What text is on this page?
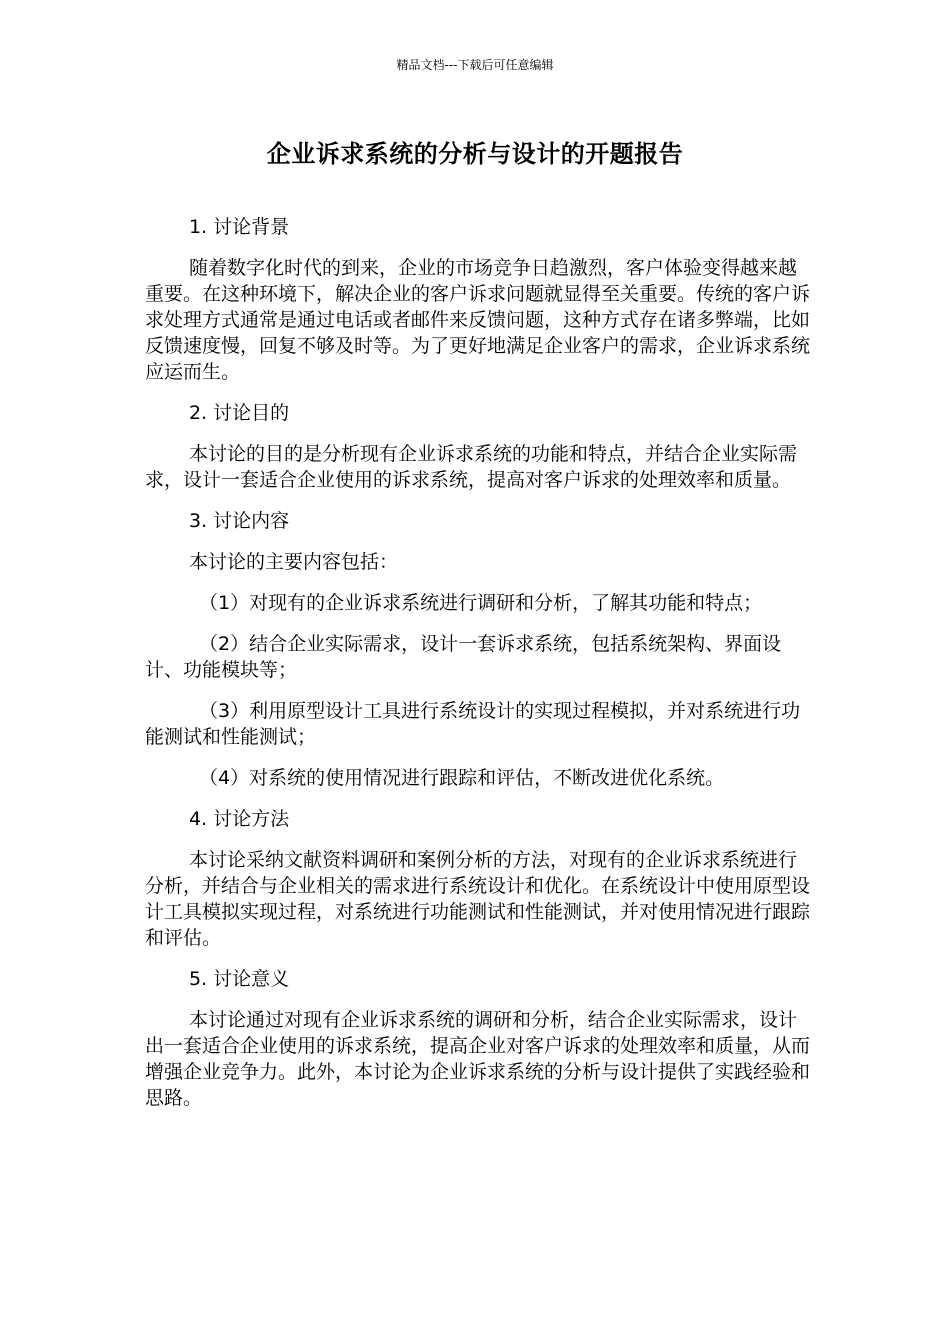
精品文档---下载后可任意编辑
企业诉求系统的分析与设计的开题报告

1. 讨论背景

随着数字化时代的到来，企业的市场竞争日趋激烈，客户体验变得越来越重要。在这种环境下，解决企业的客户诉求问题就显得至关重要。传统的客户诉求处理方式通常是通过电话或者邮件来反馈问题，这种方式存在诸多弊端，比如反馈速度慢，回复不够及时等。为了更好地满足企业客户的需求，企业诉求系统应运而生。

2. 讨论目的

本讨论的目的是分析现有企业诉求系统的功能和特点，并结合企业实际需求，设计一套适合企业使用的诉求系统，提高对客户诉求的处理效率和质量。

3. 讨论内容

本讨论的主要内容包括：

（1）对现有的企业诉求系统进行调研和分析，了解其功能和特点；

（2）结合企业实际需求，设计一套诉求系统，包括系统架构、界面设计、功能模块等；

（3）利用原型设计工具进行系统设计的实现过程模拟，并对系统进行功能测试和性能测试；

（4）对系统的使用情况进行跟踪和评估，不断改进优化系统。

4. 讨论方法

本讨论采纳文献资料调研和案例分析的方法，对现有的企业诉求系统进行分析，并结合与企业相关的需求进行系统设计和优化。在系统设计中使用原型设计工具模拟实现过程，对系统进行功能测试和性能测试，并对使用情况进行跟踪和评估。

5. 讨论意义

本讨论通过对现有企业诉求系统的调研和分析，结合企业实际需求，设计出一套适合企业使用的诉求系统，提高企业对客户诉求的处理效率和质量，从而增强企业竞争力。此外，本讨论为企业诉求系统的分析与设计提供了实践经验和思路。
